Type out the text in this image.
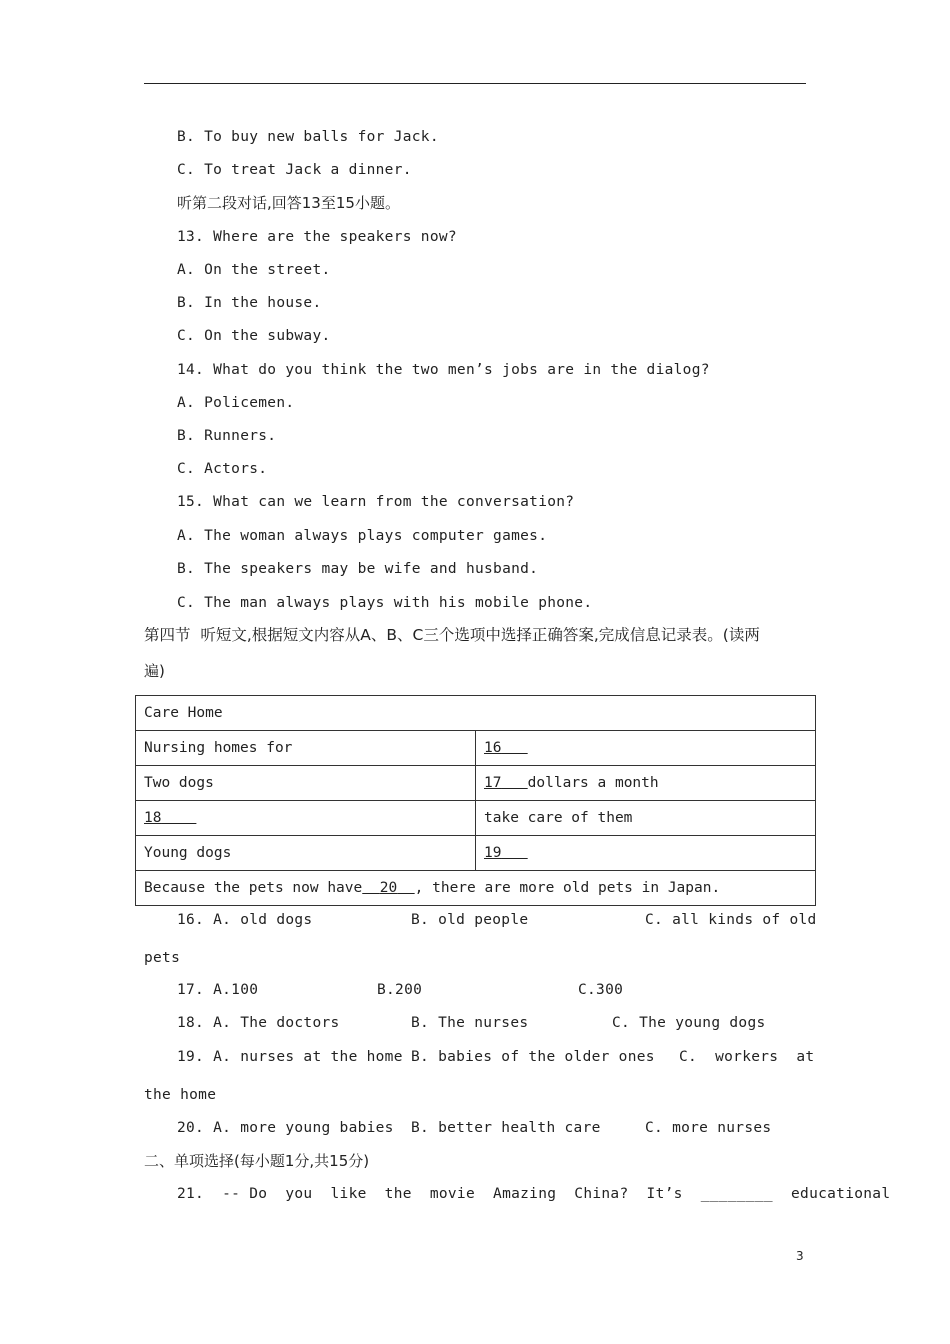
B. To buy new balls for Jack.
C. To treat Jack a dinner.
听第二段对话,回答13至15小题。
13. Where are the speakers now?
A. On the street.
B. In the house.
C. On the subway.
14. What do you think the two men’s jobs are in the dialog?
A. Policemen.
B. Runners.
C. Actors.
15. What can we learn from the conversation?
A. The woman always plays computer games.
B. The speakers may be wife and husband.
C. The man always plays with his mobile phone.
第四节  听短文,根据短文内容从A、B、C三个选项中选择正确答案,完成信息记录表。(读两
遍)
Care Home	
Nursing homes for	16
Two dogs	17 dollars a month
18	take care of them
Young dogs	19
Because the pets now have 20 , there are more old pets in Japan.	
16. A. old dogs	B. old people	C. all kinds of old
pets
17. A.100	B.200	C.300
18. A. The doctors	B. The nurses	C. The young dogs
19. A. nurses at the home B. babies of the older ones C.  workers  at
the home
20. A. more young babies B. better health care	C. more nurses
二、单项选择(每小题1分,共15分)
21.  -- Do  you  like  the  movie  Amazing  China?  It’s  ________  educational
3
